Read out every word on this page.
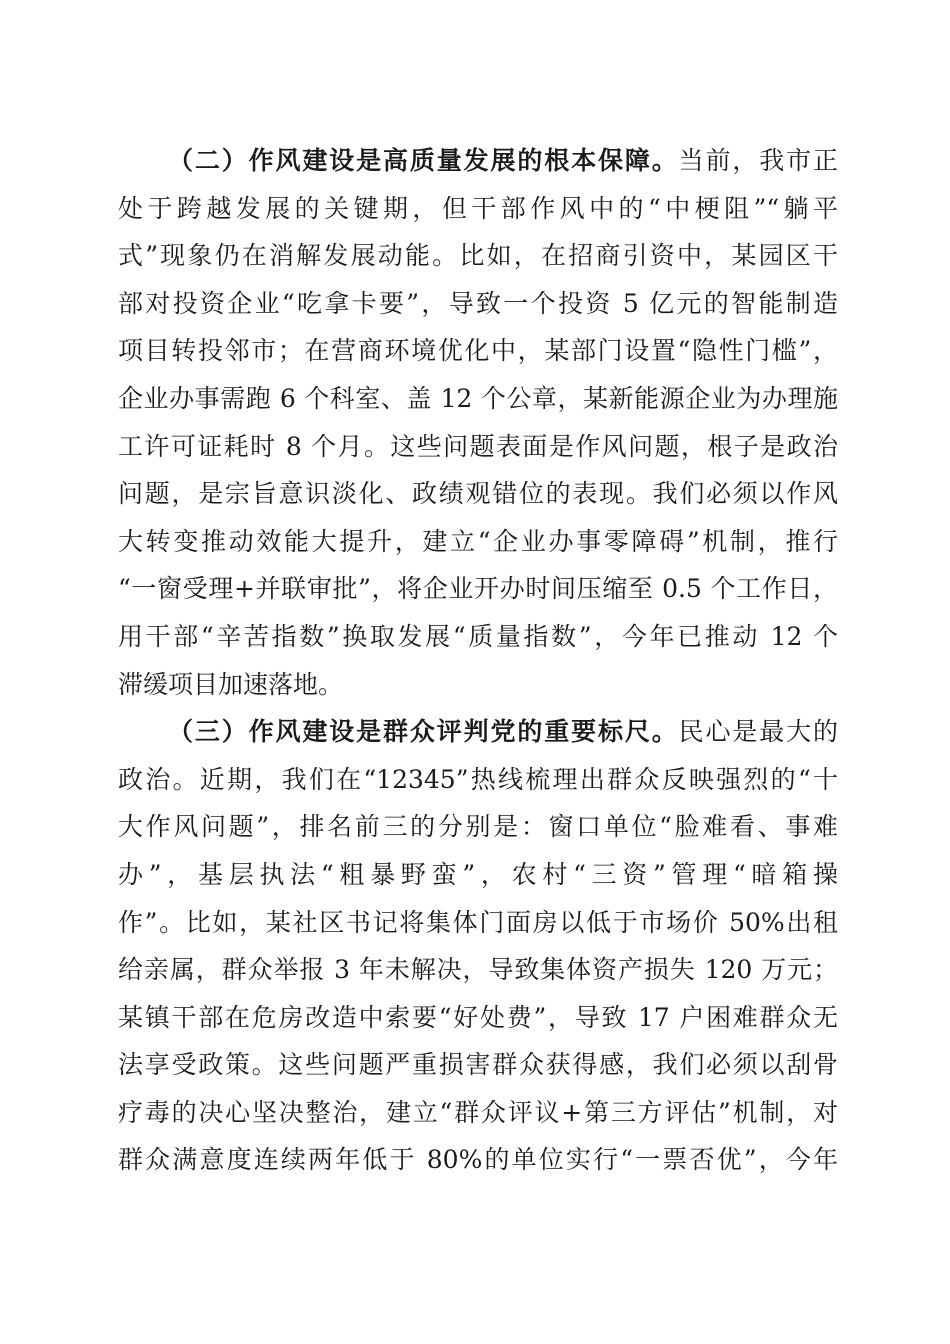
（二）作风建设是高质量发展的根本保障。当前，我市正
处于跨越发展的关键期，但干部作风中的“中梗阻”“躺平
式”现象仍在消解发展动能。比如，在招商引资中，某园区干
部对投资企业“吃拿卡要”，导致一个投资 5 亿元的智能制造
项目转投邻市；在营商环境优化中，某部门设置“隐性门槛”，
企业办事需跑 6 个科室、盖 12 个公章，某新能源企业为办理施
工许可证耗时 8 个月。这些问题表面是作风问题，根子是政治
问题，是宗旨意识淡化、政绩观错位的表现。我们必须以作风
大转变推动效能大提升，建立“企业办事零障碍”机制，推行
“一窗受理+并联审批”，将企业开办时间压缩至 0.5 个工作日，
用干部“辛苦指数”换取发展“质量指数”，今年已推动 12 个
滞缓项目加速落地。
（三）作风建设是群众评判党的重要标尺。民心是最大的
政治。近期，我们在“12345”热线梳理出群众反映强烈的“十
大作风问题”，排名前三的分别是：窗口单位“脸难看、事难
办”，基层执法“粗暴野蛮”，农村“三资”管理“暗箱操
作”。比如，某社区书记将集体门面房以低于市场价 50%出租
给亲属，群众举报 3 年未解决，导致集体资产损失 120 万元；
某镇干部在危房改造中索要“好处费”，导致 17 户困难群众无
法享受政策。这些问题严重损害群众获得感，我们必须以刮骨
疗毒的决心坚决整治，建立“群众评议+第三方评估”机制，对
群众满意度连续两年低于 80%的单位实行“一票否优”，今年
